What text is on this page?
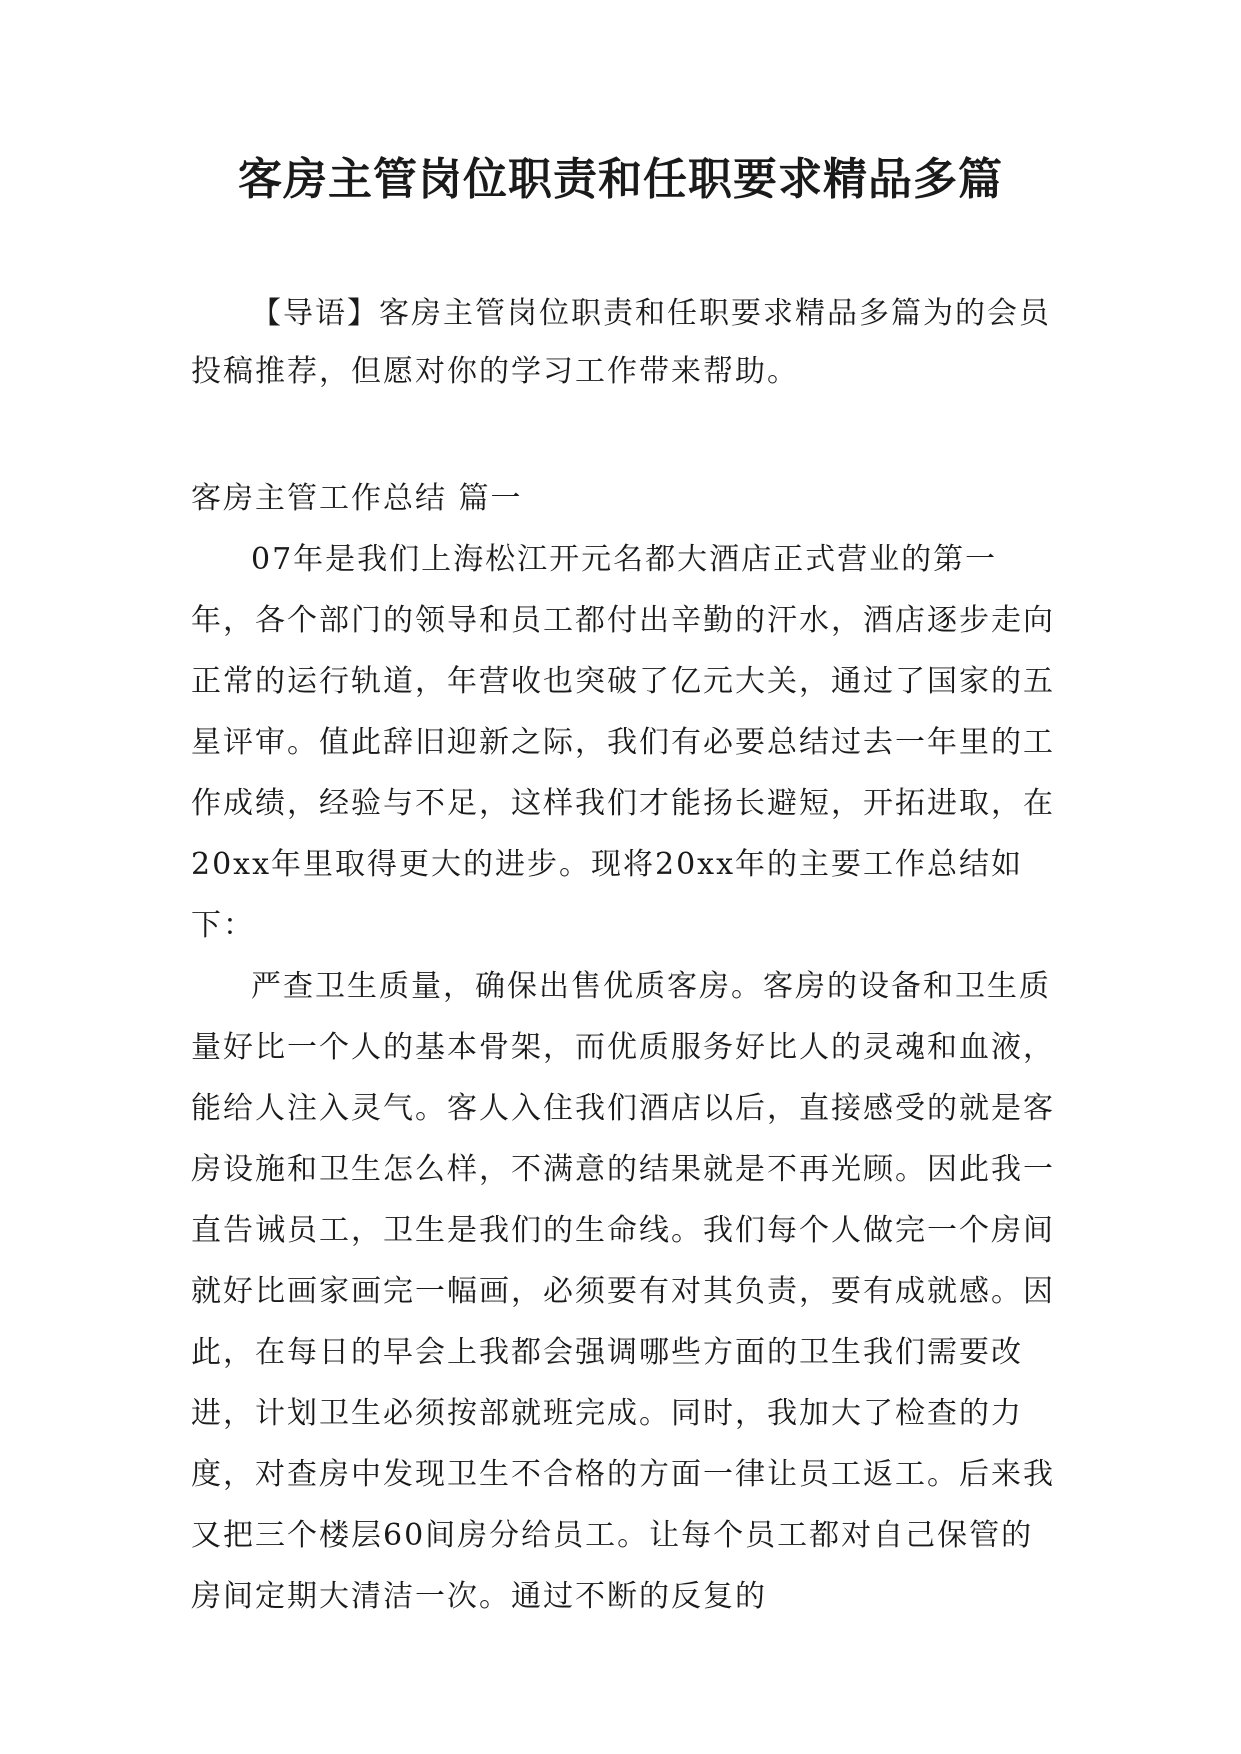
客房主管岗位职责和任职要求精品多篇

【导语】客房主管岗位职责和任职要求精品多篇为的会员投稿推荐，但愿对你的学习工作带来帮助。

客房主管工作总结 篇一

07年是我们上海松江开元名都大酒店正式营业的第一年，各个部门的领导和员工都付出辛勤的汗水，酒店逐步走向正常的运行轨道，年营收也突破了亿元大关，通过了国家的五星评审。值此辞旧迎新之际，我们有必要总结过去一年里的工作成绩，经验与不足，这样我们才能扬长避短，开拓进取，在20xx年里取得更大的进步。现将20xx年的主要工作总结如下：

严查卫生质量，确保出售优质客房。客房的设备和卫生质量好比一个人的基本骨架，而优质服务好比人的灵魂和血液，能给人注入灵气。客人入住我们酒店以后，直接感受的就是客房设施和卫生怎么样，不满意的结果就是不再光顾。因此我一直告诫员工，卫生是我们的生命线。我们每个人做完一个房间就好比画家画完一幅画，必须要有对其负责，要有成就感。因此，在每日的早会上我都会强调哪些方面的卫生我们需要改进，计划卫生必须按部就班完成。同时，我加大了检查的力度，对查房中发现卫生不合格的方面一律让员工返工。后来我又把三个楼层60间房分给员工。让每个员工都对自己保管的房间定期大清洁一次。通过不断的反复的
